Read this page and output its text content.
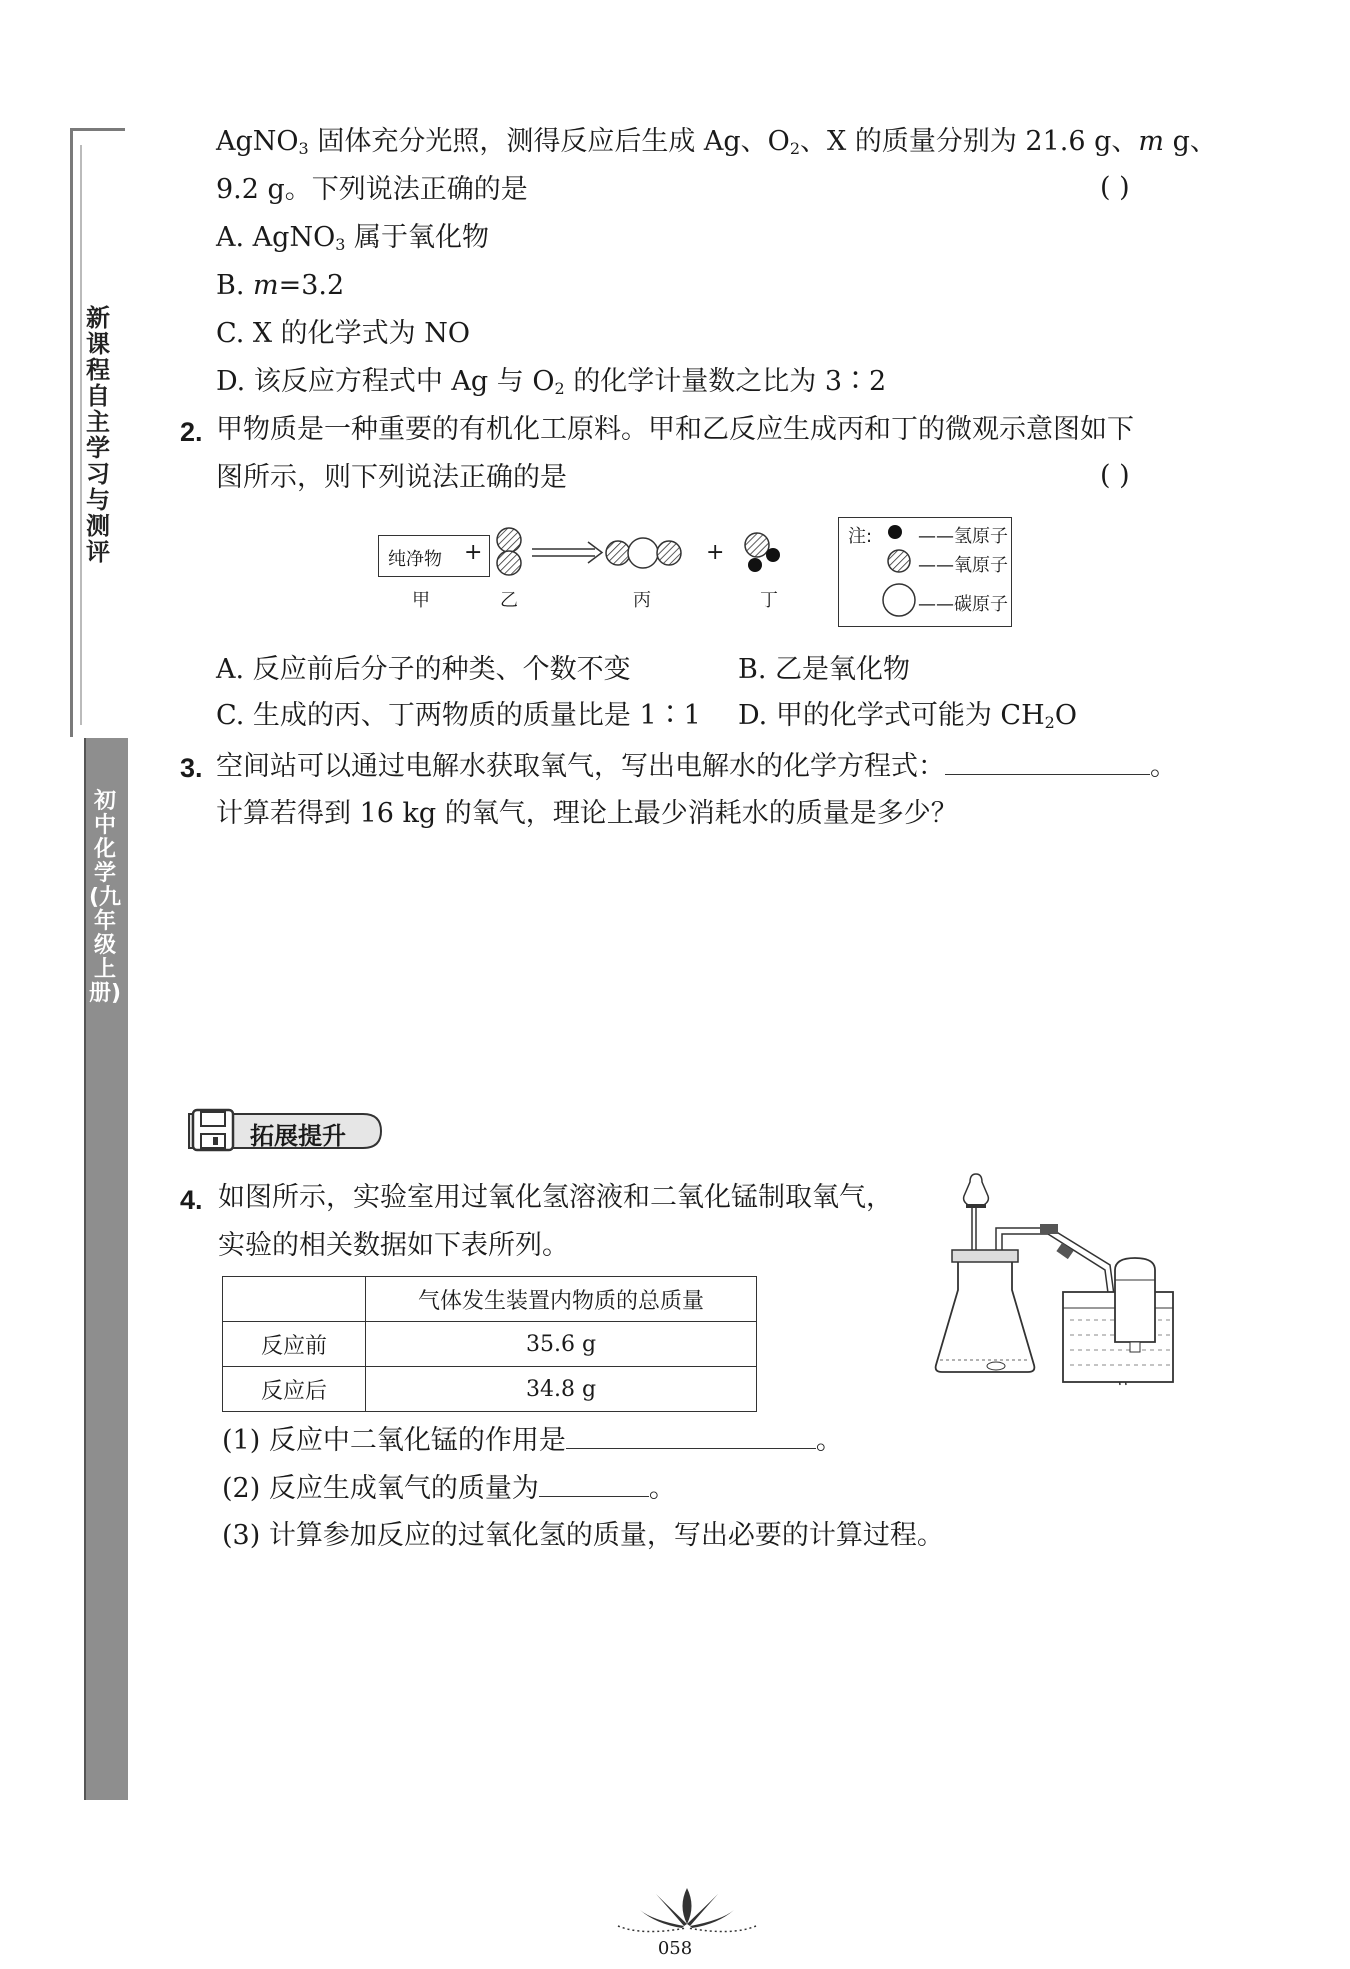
新课程自主学习与测评
初中化学(九年级上册)
AgNO$_3$ 固体充分光照，测得反应后生成 Ag、$O_2$、X 的质量分别为 21.6 g、m g、
9.2 g。下列说法正确的是	( )
A. AgNO$_3$ 属于氧化物
B. m=3.2
C. X 的化学式为 NO
D. 该反应方程式中 Ag 与 $O_2$ 的化学计量数之比为 3∶2
2. 甲物质是一种重要的有机化工原料。甲和乙反应生成丙和丁的微观示意图如下
图所示，则下列说法正确的是	( )
纯净物 +	+
甲	乙	丙	丁
注:	——氢原子
——氧原子
——碳原子
A. 反应前后分子的种类、个数不变	B. 乙是氧化物
C. 生成的丙、丁两物质的质量比是 1∶1 D. 甲的化学式可能为 $CH_2O$
3. 空间站可以通过电解水获取氧气，写出电解水的化学方程式：	。
计算若得到 16 kg 的氧气，理论上最少消耗水的质量是多少？
拓展提升
4. 如图所示，实验室用过氧化氢溶液和二氧化锰制取氧气，
实验的相关数据如下表所列。
	气体发生装置内物质的总质量
反应前	35.6 g
反应后	34.8 g
(1) 反应中二氧化锰的作用是	。
(2) 反应生成氧气的质量为	。
(3) 计算参加反应的过氧化氢的质量，写出必要的计算过程。
058
